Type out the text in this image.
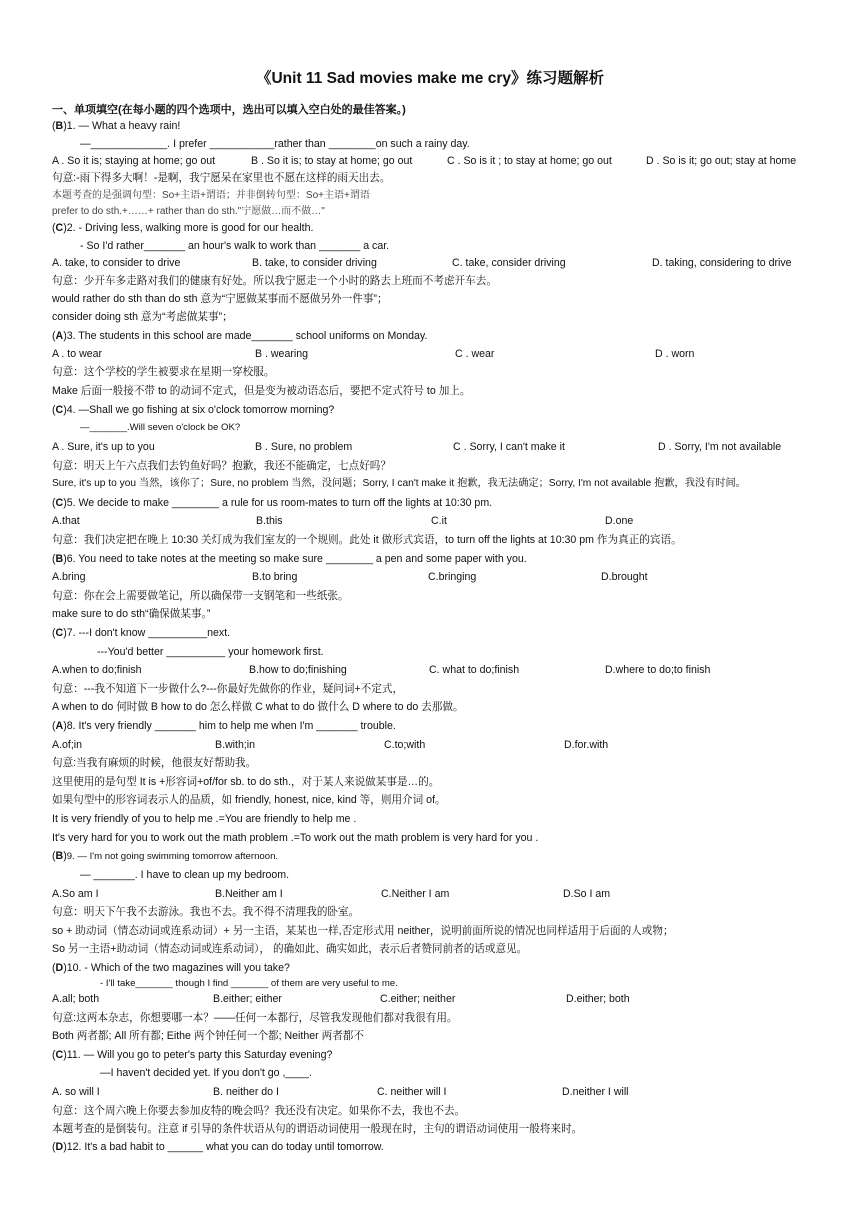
《Unit 11 Sad movies make me cry》练习题解析
一、单项填空(在每小题的四个选项中，选出可以填入空白处的最佳答案。)
(B)1. — What a heavy rain!
—_____________. I prefer ___________rather than ________on such a rainy day.
A . So it is; staying at home; go out	B . So it is; to stay at home; go out	C . So is it ; to stay at home; go out	D . So is it; go out; stay at home
句意:-雨下得多大啊！-是啊，我宁愿呆在家里也不愿在这样的雨天出去。
本题考查的是强调句型：So+主语+谓语；并非倒转句型：So+主语+谓语
prefer to do sth.+……+ rather than do sth."宁愿做…而不做…"
(C)2. - Driving less, walking more is good for our health.
- So I'd rather_______ an hour's walk to work than _______ a car.
A. take, to consider to drive	B. take, to consider driving	C. take, consider driving	D. taking, considering to drive
句意：少开车多走路对我们的健康有好处。所以我宁愿走一个小时的路去上班而不考虑开车去。
would rather do sth than do sth 意为“宁愿做某事而不愿做另外一件事”；
consider doing sth 意为“考虑做某事”；
(A)3. The students in this school are made_______ school uniforms on Monday.
A . to wear	B . wearing	C . wear	D . worn
句意：这个学校的学生被要求在星期一穿校服。
Make 后面一般接不带 to 的动词不定式，但是变为被动语态后，要把不定式符号 to 加上。
(C)4. —Shall we go fishing at six o'clock tomorrow morning?
—_______.Will seven o'clock be OK?
A . Sure, it's up to you	B . Sure, no problem	C . Sorry, I can't make it	D . Sorry, I'm not available
句意：明天上午六点我们去钓鱼好吗？抱歉，我还不能确定，七点好吗？
Sure, it's up to you 当然，该你了；Sure, no problem 当然，没问题；Sorry, I can't make it 抱歉，我无法确定；Sorry, I'm not available 抱歉，我没有时间。
(C)5. We decide to make ________ a rule for us room-mates to turn off the lights at 10:30 pm.
A.that	B.this	C.it	D.one
句意：我们决定把在晚上 10:30 关灯成为我们室友的一个规则。此处 it 做形式宾语，to turn off the lights at 10:30 pm 作为真正的宾语。
(B)6. You need to take notes at the meeting so make sure ________ a pen and some paper with you.
A.bring	B.to bring	C.bringing	D.brought
句意：你在会上需要做笔记，所以确保带一支钢笔和一些纸张。
make sure to do sth“确保做某事。”
(C)7. ---I don't know __________next.
---You'd better __________ your homework first.
A.when to do;finish	B.how to do;finishing	C. what to do;finish	D.where to do;to finish
句意：---我不知道下一步做什么?---你最好先做你的作业，疑问词+不定式，
A when to do 何时做 B how to do 怎么样做 C what to do 做什么 D where to do 去那做。
(A)8. It's very friendly _______ him to help me when I'm _______ trouble.
A.of;in	B.with;in	C.to;with	D.for.with
句意:当我有麻烦的时候，他很友好帮助我。
这里使用的是句型 It is +形容词+of/for sb. to do sth.，对于某人来说做某事是…的。
如果句型中的形容词表示人的品质，如 friendly, honest, nice, kind 等，则用介词 of。
It is very friendly of you to help me .=You are friendly to help me .
It's very hard for you to work out the math problem .=To work out the math problem is very hard for you .
(B)9. — I'm not going swimming tomorrow afternoon.
— _______. I have to clean up my bedroom.
A.So am I	B.Neither am I	C.Neither I am	D.So I am
句意：明天下午我不去游泳。我也不去。我不得不清理我的卧室。
so + 助动词（情态动词或连系动词）+ 另一主语，某某也一样,否定形式用 neither，说明前面所说的情况也同样适用于后面的人或物；
So 另一主语+助动词（情态动词或连系动词）， 的确如此、确实如此，表示后者赞同前者的话或意见。
(D)10. - Which of the two magazines will you take?
- I'll take_______ though I find _______ of them are very useful to me.
A.all; both	B.either; either	C.either; neither	D.either; both
句意:这两本杂志，你想要哪一本？——任何一本都行，尽管我发现他们都对我很有用。
Both 两者都; All 所有都; Eithe 两个钟任何一个都; Neither 两者都不
(C)11. — Will you go to peter's party this Saturday evening?
—I haven't decided yet. If you don't go ,____.
A. so will I	B. neither do I	C. neither will I	D.neither I will
句意：这个周六晚上你要去参加皮特的晚会吗？我还没有决定。如果你不去，我也不去。
本题考查的是倒装句。注意 if 引导的条件状语从句的谓语动词使用一般现在时，主句的谓语动词使用一般将来时。
(D)12. It's a bad habit to ______ what you can do today until tomorrow.
